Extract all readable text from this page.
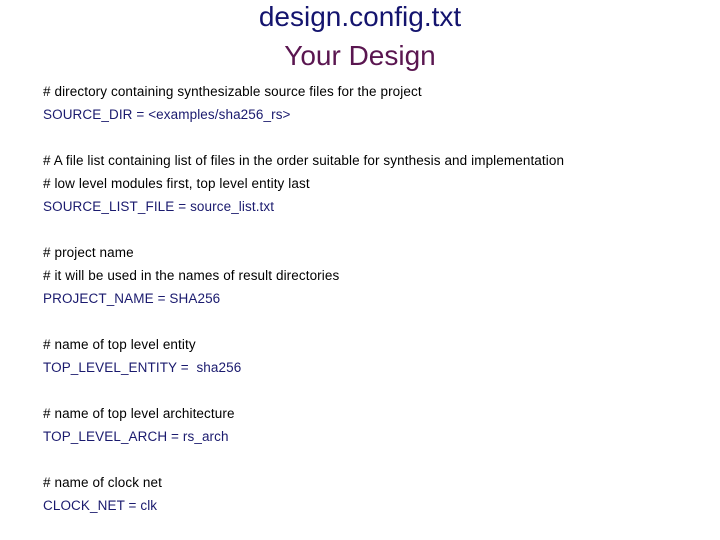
design.config.txt
Your Design
# directory containing synthesizable source files for the project
SOURCE_DIR = <examples/sha256_rs>
# A file list containing list of files in the order suitable for synthesis and implementation
# low level modules first, top level entity last
SOURCE_LIST_FILE = source_list.txt
# project name
# it will be used in the names of result directories
PROJECT_NAME = SHA256
# name of top level entity
TOP_LEVEL_ENTITY =  sha256
# name of top level architecture
TOP_LEVEL_ARCH = rs_arch
# name of clock net
CLOCK_NET = clk
